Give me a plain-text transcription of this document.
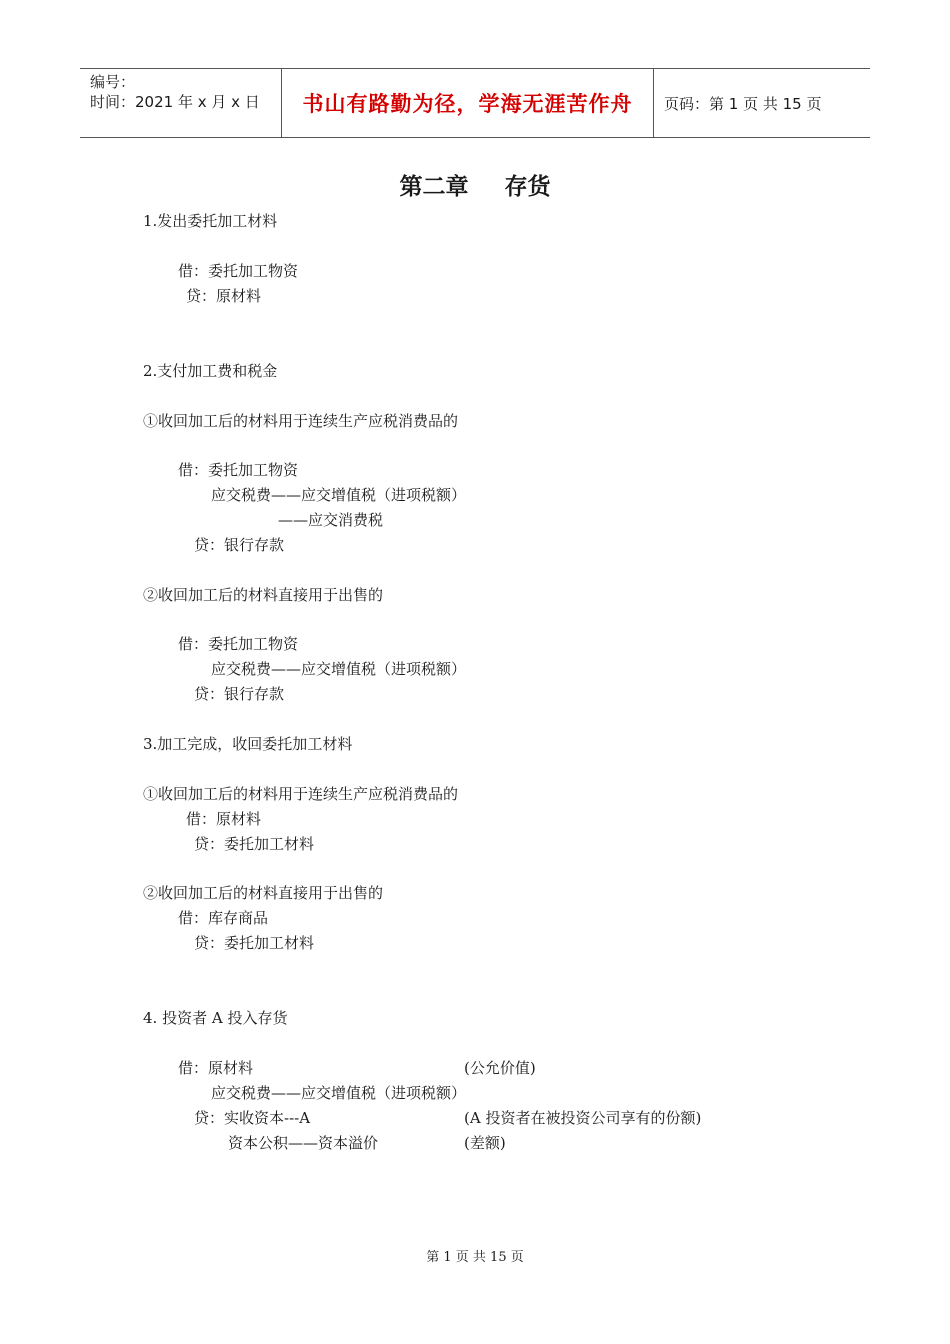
编号：
时间：2021 年 x 月 x 日	书山有路勤为径，学海无涯苦作舟 页码：第 1 页 共 15 页
第二章 存货
1.发出委托加工材料
借：委托加工物资
贷：原材料
2.支付加工费和税金
①收回加工后的材料用于连续生产应税消费品的
借：委托加工物资
应交税费——应交增值税（进项税额）
——应交消费税
贷：银行存款
②收回加工后的材料直接用于出售的
借：委托加工物资
应交税费——应交增值税（进项税额）
贷：银行存款
3.加工完成，收回委托加工材料
①收回加工后的材料用于连续生产应税消费品的
借：原材料
贷：委托加工材料
②收回加工后的材料直接用于出售的
借：库存商品
贷：委托加工材料
4. 投资者 A 投入存货
借：原材料	(公允价值)
应交税费——应交增值税（进项税额）
贷：实收资本---A	(A 投资者在被投资公司享有的份额)
资本公积——资本溢价	(差额)
第 1 页 共 15 页
